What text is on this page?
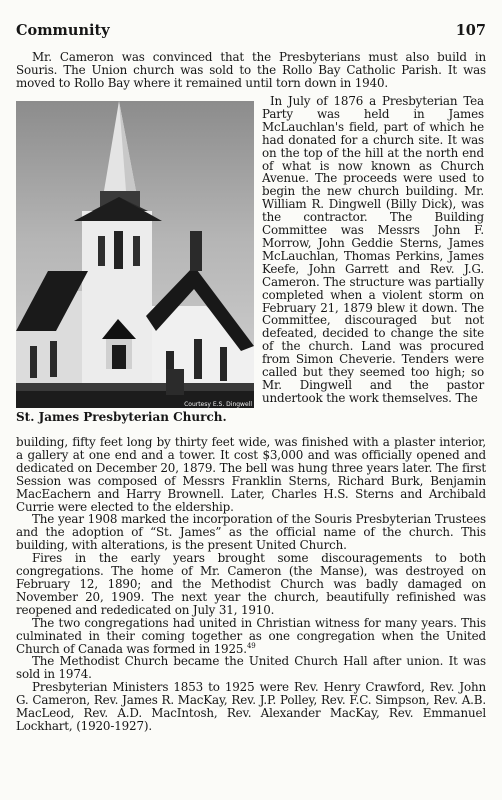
Community	107

Mr. Cameron was convinced that the Presbyterians must also build in Souris. The Union church was sold to the Rollo Bay Catholic Parish. It was moved to Rollo Bay where it remained until torn down in 1940.

Courtesy E.S. Dingwell

St. James Presbyterian Church.

In July of 1876 a Presbyterian Tea Party was held in James McLauchlan's field, part of which he had donated for a church site. It was on the top of the hill at the north end of what is now known as Church Avenue. The proceeds were used to begin the new church building. Mr. William R. Dingwell (Billy Dick), was the contractor. The Building Committee was Messrs John F. Morrow, John Geddie Sterns, James McLauchlan, Thomas Perkins, James Keefe, John Garrett and Rev. J.G. Cameron. The structure was partially completed when a violent storm on February 21, 1879 blew it down. The Committee, discouraged but not defeated, decided to change the site of the church. Land was procured from Simon Cheverie. Tenders were called but they seemed too high; so Mr. Dingwell and the pastor undertook the work themselves. The

building, fifty feet long by thirty feet wide, was finished with a plaster interior, a gallery at one end and a tower. It cost $3,000 and was officially opened and dedicated on December 20, 1879. The bell was hung three years later. The first Session was composed of Messrs Franklin Sterns, Richard Burk, Benjamin MacEachern and Harry Brownell. Later, Charles H.S. Sterns and Archibald Currie were elected to the eldership.

The year 1908 marked the incorporation of the Souris Presbyterian Trustees and the adoption of “St. James” as the official name of the church. This building, with alterations, is the present United Church.

Fires in the early years brought some discouragements to both congregations. The home of Mr. Cameron (the Manse), was destroyed on February 12, 1890; and the Methodist Church was badly damaged on November 20, 1909. The next year the church, beautifully refinished was reopened and rededicated on July 31, 1910.

The two congregations had united in Christian witness for many years. This culminated in their coming together as one congregation when the United Church of Canada was formed in 1925.49

The Methodist Church became the United Church Hall after union. It was sold in 1974.

Presbyterian Ministers 1853 to 1925 were Rev. Henry Crawford, Rev. John G. Cameron, Rev. James R. MacKay, Rev. J.P. Polley, Rev. F.C. Simpson, Rev. A.B. MacLeod, Rev. A.D. MacIntosh, Rev. Alexander MacKay, Rev. Emmanuel Lockhart, (1920-1927).
